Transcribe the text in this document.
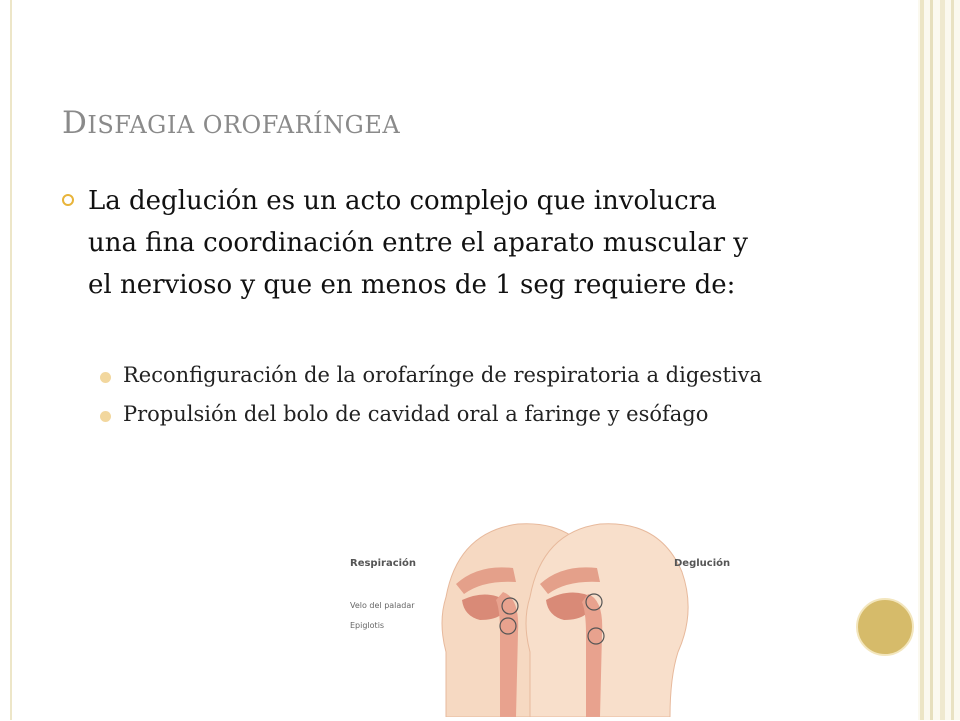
DISFAGIA OROFARÍNGEA
La deglución es un acto complejo que involucra una fina coordinación entre el aparato muscular y el nervioso y que en menos de 1 seg requiere de:
Reconfiguración de la orofarínge de respiratoria a digestiva
Propulsión del bolo de cavidad oral a faringe y esófago
Respiración	Deglución
Velo del paladar
Epiglotis
